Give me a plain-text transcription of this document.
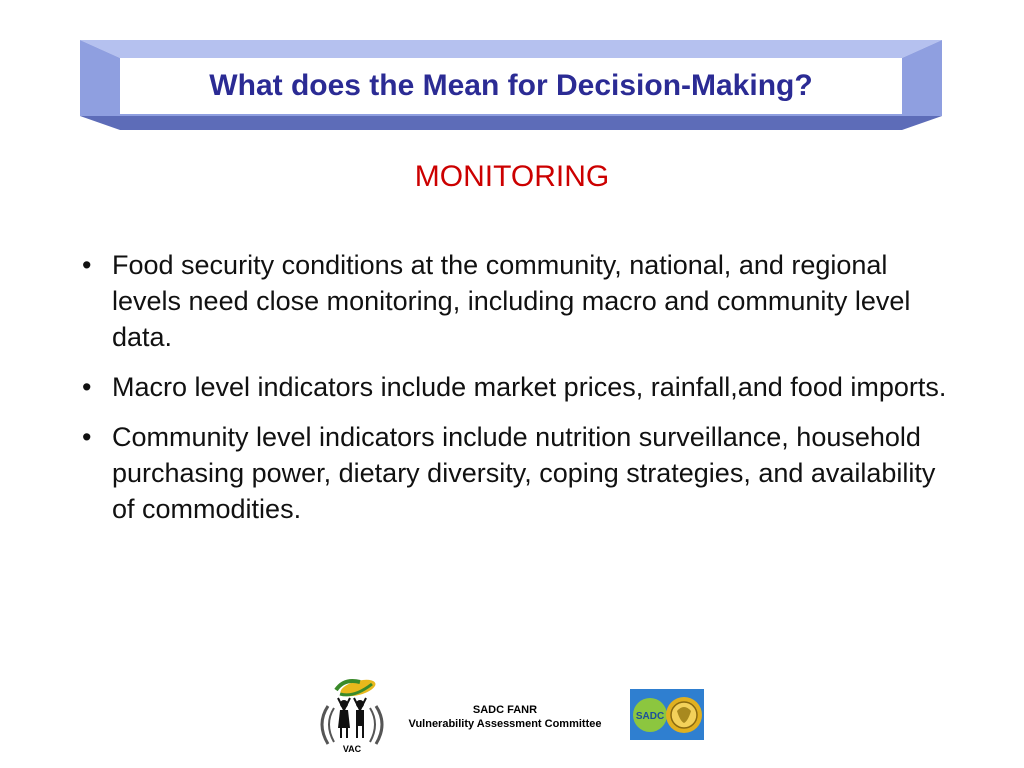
What does the Mean for Decision-Making?
MONITORING
• Food security conditions at the community, national, and regional levels need close monitoring, including macro and community level data.
• Macro level indicators include market prices, rainfall,and food imports.
• Community level indicators include nutrition surveillance, household purchasing power, dietary diversity, coping strategies, and availability of commodities.
VAC
SADC FANR
Vulnerability Assessment Committee
SADC
